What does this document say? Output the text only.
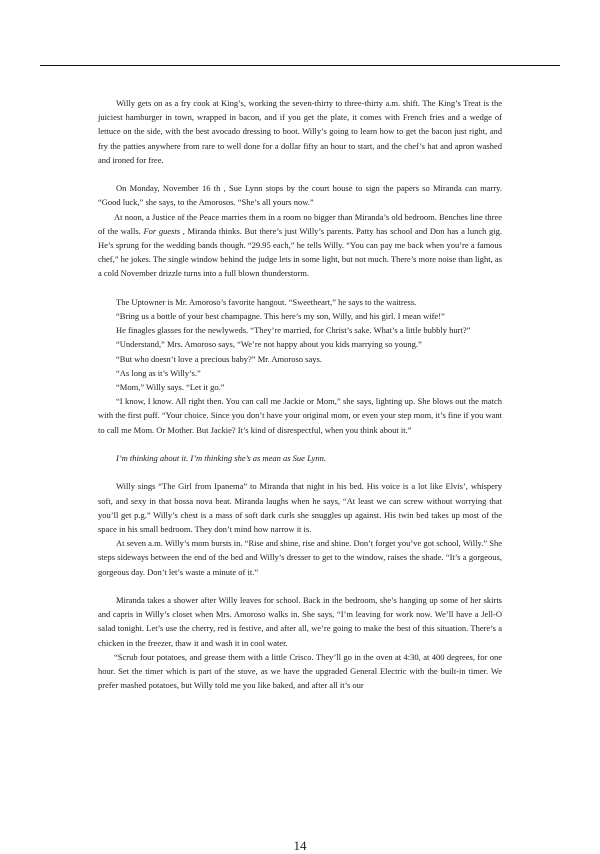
Willy gets on as a fry cook at King’s, working the seven-thirty to three-thirty a.m. shift. The King’s Treat is the juiciest hamburger in town, wrapped in bacon, and if you get the plate, it comes with French fries and a wedge of lettuce on the side, with the best avocado dressing to boot. Willy’s going to learn how to get the bacon just right, and fry the patties anywhere from rare to well done for a dollar fifty an hour to start, and the chef’s hat and apron washed and ironed for free.

On Monday, November 16 th , Sue Lynn stops by the court house to sign the papers so Miranda can marry. “Good luck,” she says, to the Amorosos. “She’s all yours now.”

At noon, a Justice of the Peace marries them in a room no bigger than Miranda’s old bedroom. Benches line three of the walls. For guests , Miranda thinks. But there’s just Willy’s parents. Patty has school and Don has a lunch gig. He’s sprung for the wedding bands though. “29.95 each,” he tells Willy. “You can pay me back when you’re a famous chef,” he jokes. The single window behind the judge lets in some light, but not much. There’s more noise than light, as a cold November drizzle turns into a full blown thunderstorm.

The Uptowner is Mr. Amoroso’s favorite hangout. “Sweetheart,” he says to the waitress.

“Bring us a bottle of your best champagne. This here’s my son, Willy, and his girl. I mean wife!”

He finagles glasses for the newlyweds. “They’re married, for Christ’s sake. What’s a little bubbly hurt?”

“Understand,” Mrs. Amoroso says, “We’re not happy about you kids marrying so young.”

“But who doesn’t love a precious baby?” Mr. Amoroso says.

“As long as it’s Willy’s.”

“Mom,” Willy says. “Let it go.”

“I know, I know. All right then. You can call me Jackie or Mom,” she says, lighting up. She blows out the match with the first puff. “Your choice. Since you don’t have your original mom, or even your step mom, it’s fine if you want to call me Mom. Or Mother. But Jackie? It’s kind of disrespectful, when you think about it.”

I’m thinking about it. I’m thinking she’s as mean as Sue Lynn.

Willy sings “The Girl from Ipanema” to Miranda that night in his bed. His voice is a lot like Elvis’, whispery soft, and sexy in that bossa nova beat. Miranda laughs when he says, “At least we can screw without worrying that you’ll get p.g.” Willy’s chest is a mass of soft dark curls she snuggles up against. His twin bed takes up most of the space in his small bedroom. They don’t mind how narrow it is.

At seven a.m. Willy’s mom bursts in. “Rise and shine, rise and shine. Don’t forget you’ve got school, Willy.” She steps sideways between the end of the bed and Willy’s dresser to get to the window, raises the shade. “It’s a gorgeous, gorgeous day. Don’t let’s waste a minute of it.”

Miranda takes a shower after Willy leaves for school. Back in the bedroom, she’s hanging up some of her skirts and capris in Willy’s closet when Mrs. Amoroso walks in. She says, “I’m leaving for work now. We’ll have a Jell-O salad tonight. Let’s use the cherry, red is festive, and after all, we’re going to make the best of this situation. There’s a chicken in the freezer, thaw it and wash it in cool water.

“Scrub four potatoes, and grease them with a little Crisco. They’ll go in the oven at 4:30, at 400 degrees, for one hour. Set the timer which is part of the stove, as we have the upgraded General Electric with the built-in timer. We prefer mashed potatoes, but Willy told me you like baked, and after all it’s our

14
